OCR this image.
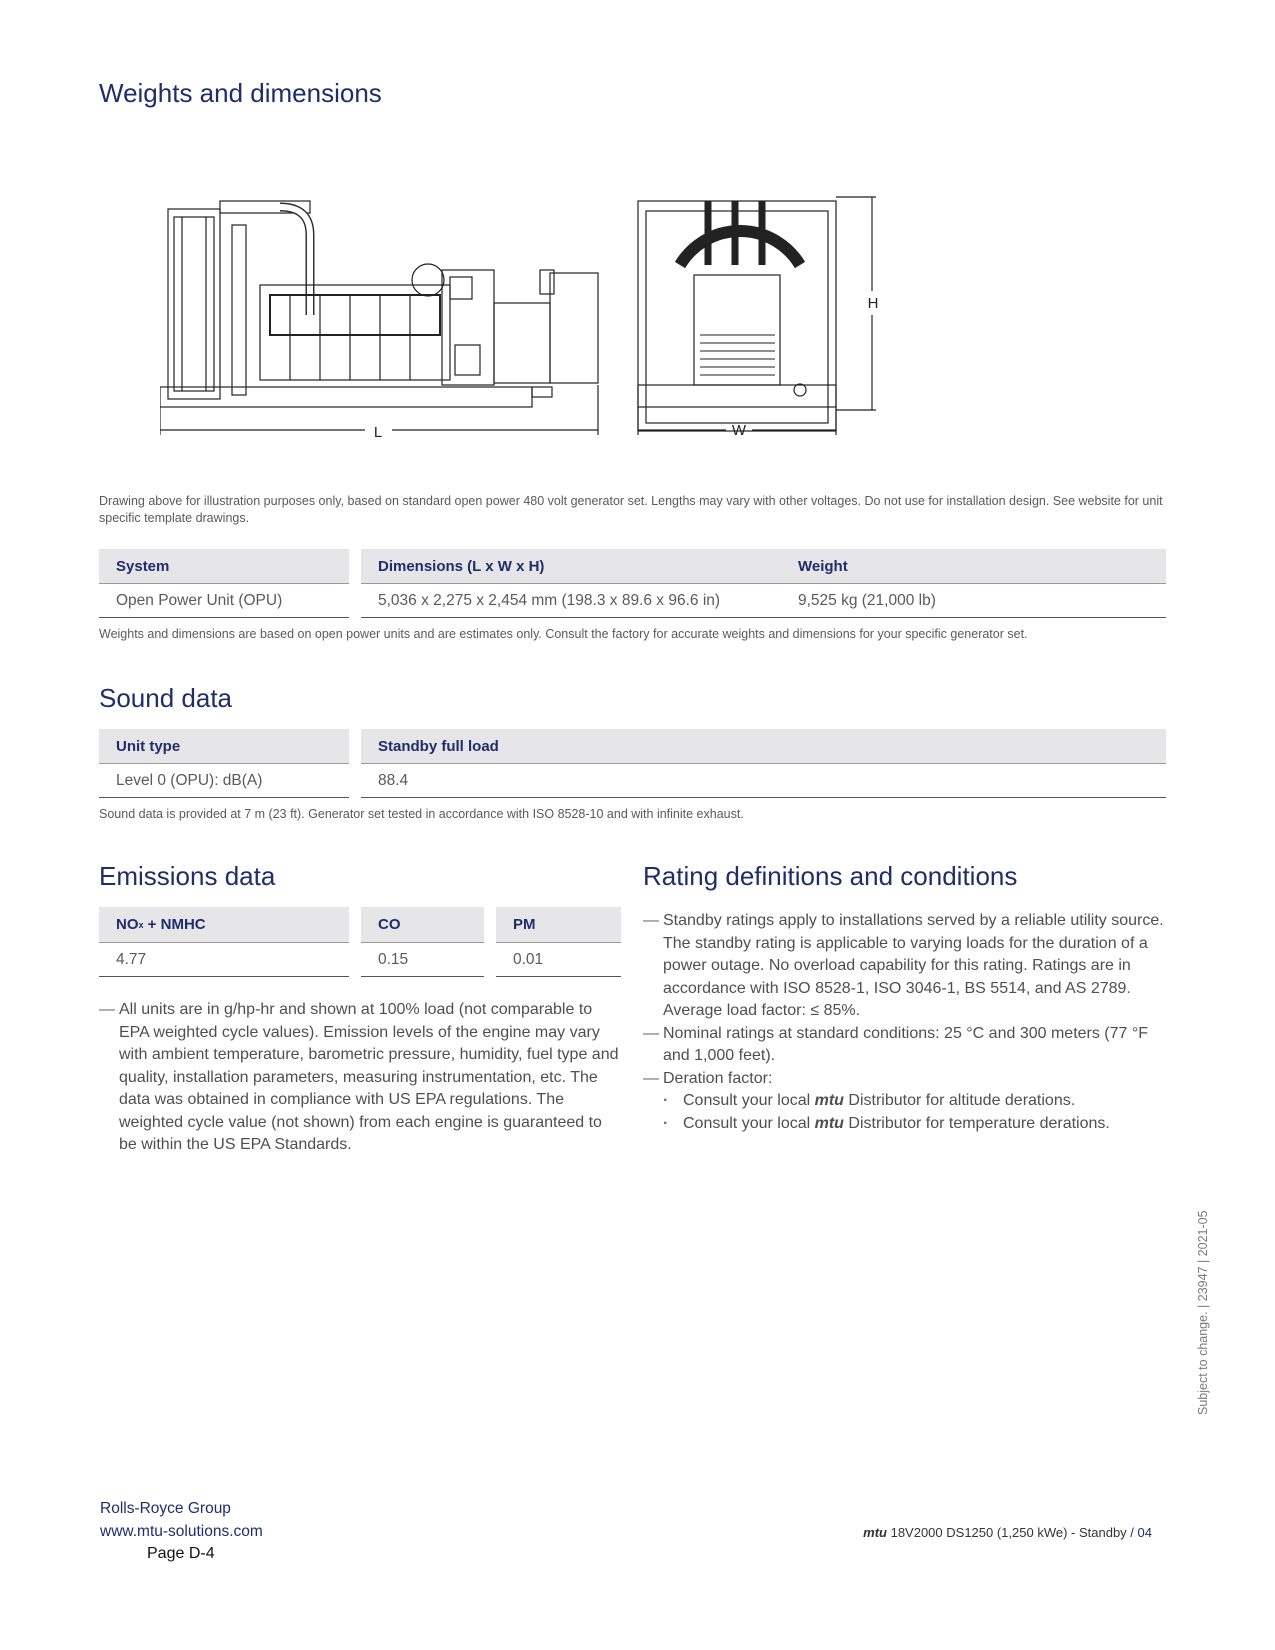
Weights and dimensions
L	W
H
Drawing above for illustration purposes only, based on standard open power 480 volt generator set. Lengths may vary with other voltages. Do not use for installation design. See website for unit specific template drawings.
System	Dimensions (L x W x H)	Weight
Open Power Unit (OPU)	5,036 x 2,275 x 2,454 mm (198.3 x 89.6 x 96.6 in)	9,525 kg (21,000 lb)
Weights and dimensions are based on open power units and are estimates only. Consult the factory for accurate weights and dimensions for your specific generator set.
Sound data
Unit type	Standby full load
Level 0 (OPU): dB(A)	88.4
Sound data is provided at 7 m (23 ft). Generator set tested in accordance with ISO 8528-10 and with infinite exhaust.
Emissions data
NO x + NMHC	CO	PM
4.77	0.15	0.01
— All units are in g/hp-hr and shown at 100% load (not comparable to EPA weighted cycle values). Emission levels of the engine may vary with ambient temperature, barometric pressure, humidity, fuel type and quality, installation parameters, measuring instrumentation, etc. The data was obtained in compliance with US EPA regulations. The weighted cycle value (not shown) from each engine is guaranteed to be within the US EPA Standards.
Rating definitions and conditions
— Standby ratings apply to installations served by a reliable utility source. The standby rating is applicable to varying loads for the duration of a power outage. No overload capability for this rating. Ratings are in accordance with ISO 8528-1, ISO 3046-1, BS 5514, and AS 2789. Average load factor: ≤ 85%.
— Nominal ratings at standard conditions: 25 °C and 300 meters (77 °F and 1,000 feet).
— Deration factor:
· Consult your local mtu Distributor for altitude derations.
· Consult your local mtu Distributor for temperature derations.
Subject to change. | 23947 | 2021-05
Rolls-Royce Group
www.mtu-solutions.com
Page D-4
mtu 18V2000 DS1250 (1,250 kWe) - Standby / 04
